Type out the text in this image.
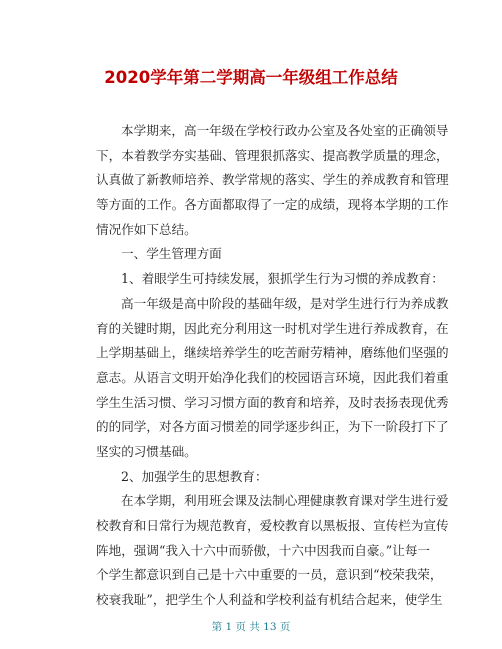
2020学年第二学期高一年级组工作总结
本学期来，高一年级在学校行政办公室及各处室的正确领导
下，本着教学夯实基础、管理狠抓落实、提高教学质量的理念，
认真做了新教师培养、教学常规的落实、学生的养成教育和管理
等方面的工作。各方面都取得了一定的成绩，现将本学期的工作
情况作如下总结。
一、学生管理方面
1、着眼学生可持续发展，狠抓学生行为习惯的养成教育：
高一年级是高中阶段的基础年级，是对学生进行行为养成教
育的关键时期，因此充分利用这一时机对学生进行养成教育，在
上学期基础上，继续培养学生的吃苦耐劳精神，磨练他们坚强的
意志。从语言文明开始净化我们的校园语言环境，因此我们着重
学生生活习惯、学习习惯方面的教育和培养，及时表扬表现优秀
的的同学，对各方面习惯差的同学逐步纠正，为下一阶段打下了
坚实的习惯基础。
2、加强学生的思想教育：
在本学期，利用班会课及法制心理健康教育课对学生进行爱
校教育和日常行为规范教育，爱校教育以黑板报、宣传栏为宣传
阵地，强调“我入十六中而骄傲，十六中因我而自豪。”让每一
个学生都意识到自己是十六中重要的一员，意识到“校荣我荣，
校衰我耻”，把学生个人利益和学校利益有机结合起来，使学生
第 1 页 共 13 页
